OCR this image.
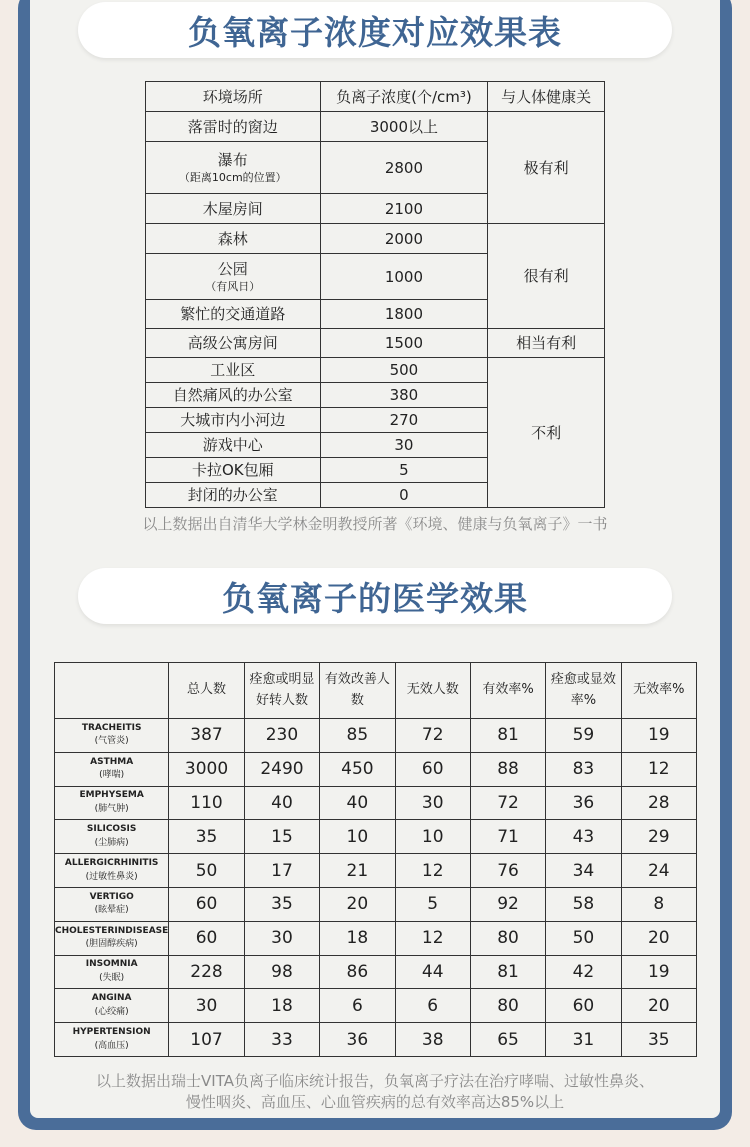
负氧离子浓度对应效果表
环境场所	负离子浓度(个/cm³)	与人体健康关
落雷时的窗边	3000以上	极有利
瀑布
（距离10cm的位置）	2800	
木屋房间	2100	
森林	2000	很有利
公园
（有风日）	1000	
繁忙的交通道路	1800	
高级公寓房间	1500	相当有利
工业区	500	不利
自然痛风的办公室	380	
大城市内小河边	270	
游戏中心	30	
卡拉OK包厢	5	
封闭的办公室	0	
以上数据出自清华大学林金明教授所著《环境、健康与负氧离子》一书
负氧离子的医学效果
	总人数	痊愈或明显好转人数	有效改善人数	无效人数	有效率%	痊愈或显效率%	无效率%
TRACHEITIS
(气管炎)	387	230	85	72	81	59	19
ASTHMA
(哮喘)	3000	2490	450	60	88	83	12
EMPHYSEMA
(肺气肿)	110	40	40	30	72	36	28
SILICOSIS
(尘肺病)	35	15	10	10	71	43	29
ALLERGICRHINITIS
(过敏性鼻炎)	50	17	21	12	76	34	24
VERTIGO
(眩晕症)	60	35	20	5	92	58	8
CHOLESTERINDISEASE
(胆固醇疾病)	60	30	18	12	80	50	20
INSOMNIA
(失眠)	228	98	86	44	81	42	19
ANGINA
(心绞痛)	30	18	6	6	80	60	20
HYPERTENSION
(高血压)	107	33	36	38	65	31	35
以上数据出瑞士VITA负离子临床统计报告，负氧离子疗法在治疗哮喘、过敏性鼻炎、
慢性咽炎、高血压、心血管疾病的总有效率高达85%以上
